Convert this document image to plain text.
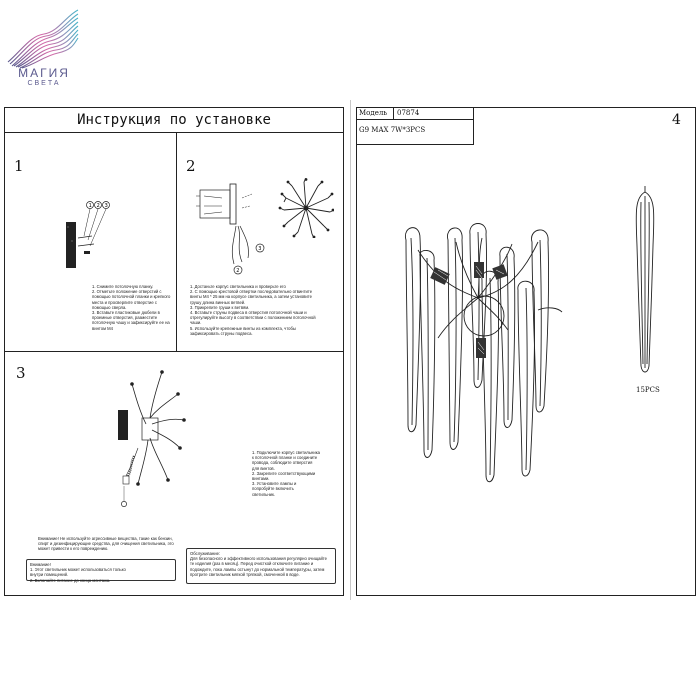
МАГИЯ
СВЕТА
Инструкция по установке
1
1 2 3

1. Снимите потолочную планку.

2. Отметьте положение отверстий с

помощью потолочной планки и крепкого

места и просверлите отверстие с

помощью сверла.

3. Вставьте пластиковые дюбели в

проемные отверстия, разместите

потолочную чашу и зафиксируйте ее на

винтом M4

2
3
2

1. Достаньте корпус светильника и проверьте его

2. С помощью крестовой отвертки последовательно отвинтите

винты M4 * 25 мм на корпусе светильника, а затем установите

грушу длина винных ветвей.

3. Прикрепите груши к ветвям.

4. Вставьте струны подвеса в отверстия потолочной чаши и

отрегулируйте высоту в соответствии с положением потолочной

чаши.

5. Используйте крепежные винты из комплекта, чтобы

зафиксировать струны подвеса.

3

1. Подключите корпус светильника

к потолочной планке и соедините

провода, соблюдите отверстия

для винтов.

2. Закрепите соответствующими

винтами.

3. Установите лампы и

попробуйте включить

светильник.

Внимание! Не используйте агрессивные вещества, такие как бензин, спирт и дезинфицирующие средства, для очищения светильника, это может привести к его повреждению.

Внимание!

1. Этот светильник может использоваться только

внутри помещений.

2. Включайте питание до конца монтажа.

Обслуживание:

Для безопасного и эффективного использования регулярно очищайте те изделия (раз в месяц). Перед очисткой отключите питание и подождите, пока лампы остынут до нормальной температуры, затем протрите светильник мягкой тряпкой, смоченной в воде.

Модель	07874
G9 MAX 7W*3PCS
4
15PCS
